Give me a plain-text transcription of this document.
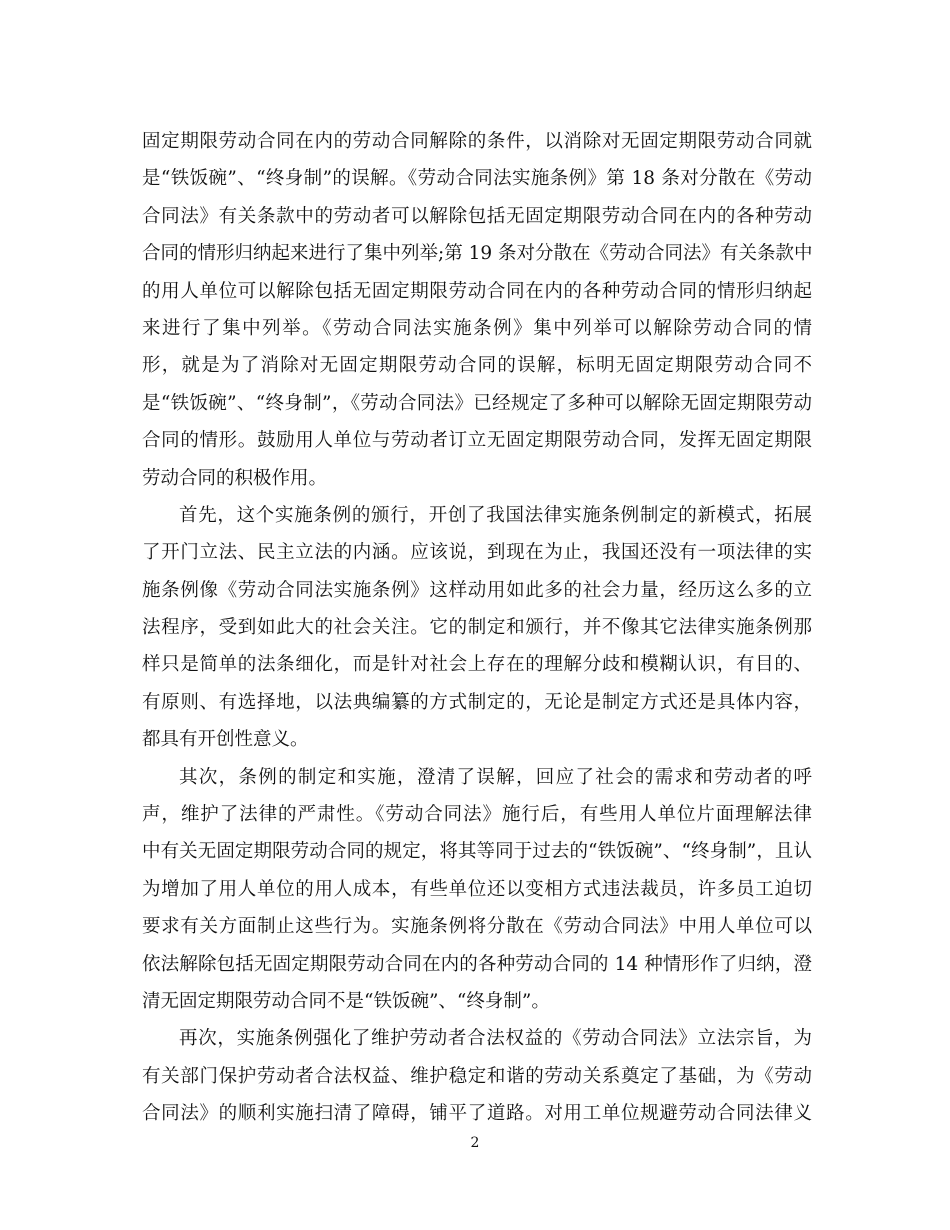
固定期限劳动合同在内的劳动合同解除的条件，以消除对无固定期限劳动合同就
是“铁饭碗”、“终身制”的误解。《劳动合同法实施条例》第 18 条对分散在《劳动
合同法》有关条款中的劳动者可以解除包括无固定期限劳动合同在内的各种劳动
合同的情形归纳起来进行了集中列举;第 19 条对分散在《劳动合同法》有关条款中
的用人单位可以解除包括无固定期限劳动合同在内的各种劳动合同的情形归纳起
来进行了集中列举。《劳动合同法实施条例》集中列举可以解除劳动合同的情
形，就是为了消除对无固定期限劳动合同的误解，标明无固定期限劳动合同不
是“铁饭碗”、“终身制”，《劳动合同法》已经规定了多种可以解除无固定期限劳动
合同的情形。鼓励用人单位与劳动者订立无固定期限劳动合同，发挥无固定期限
劳动合同的积极作用。

首先，这个实施条例的颁行，开创了我国法律实施条例制定的新模式，拓展
了开门立法、民主立法的内涵。应该说，到现在为止，我国还没有一项法律的实
施条例像《劳动合同法实施条例》这样动用如此多的社会力量，经历这么多的立
法程序，受到如此大的社会关注。它的制定和颁行，并不像其它法律实施条例那
样只是简单的法条细化，而是针对社会上存在的理解分歧和模糊认识，有目的、
有原则、有选择地，以法典编纂的方式制定的，无论是制定方式还是具体内容，
都具有开创性意义。

其次，条例的制定和实施，澄清了误解，回应了社会的需求和劳动者的呼
声，维护了法律的严肃性。《劳动合同法》施行后，有些用人单位片面理解法律
中有关无固定期限劳动合同的规定，将其等同于过去的“铁饭碗”、“终身制”，且认
为增加了用人单位的用人成本，有些单位还以变相方式违法裁员，许多员工迫切
要求有关方面制止这些行为。实施条例将分散在《劳动合同法》中用人单位可以
依法解除包括无固定期限劳动合同在内的各种劳动合同的 14 种情形作了归纳，澄
清无固定期限劳动合同不是“铁饭碗”、“终身制”。

再次，实施条例强化了维护劳动者合法权益的《劳动合同法》立法宗旨，为
有关部门保护劳动者合法权益、维护稳定和谐的劳动关系奠定了基础，为《劳动
合同法》的顺利实施扫清了障碍，铺平了道路。对用工单位规避劳动合同法律义

2
